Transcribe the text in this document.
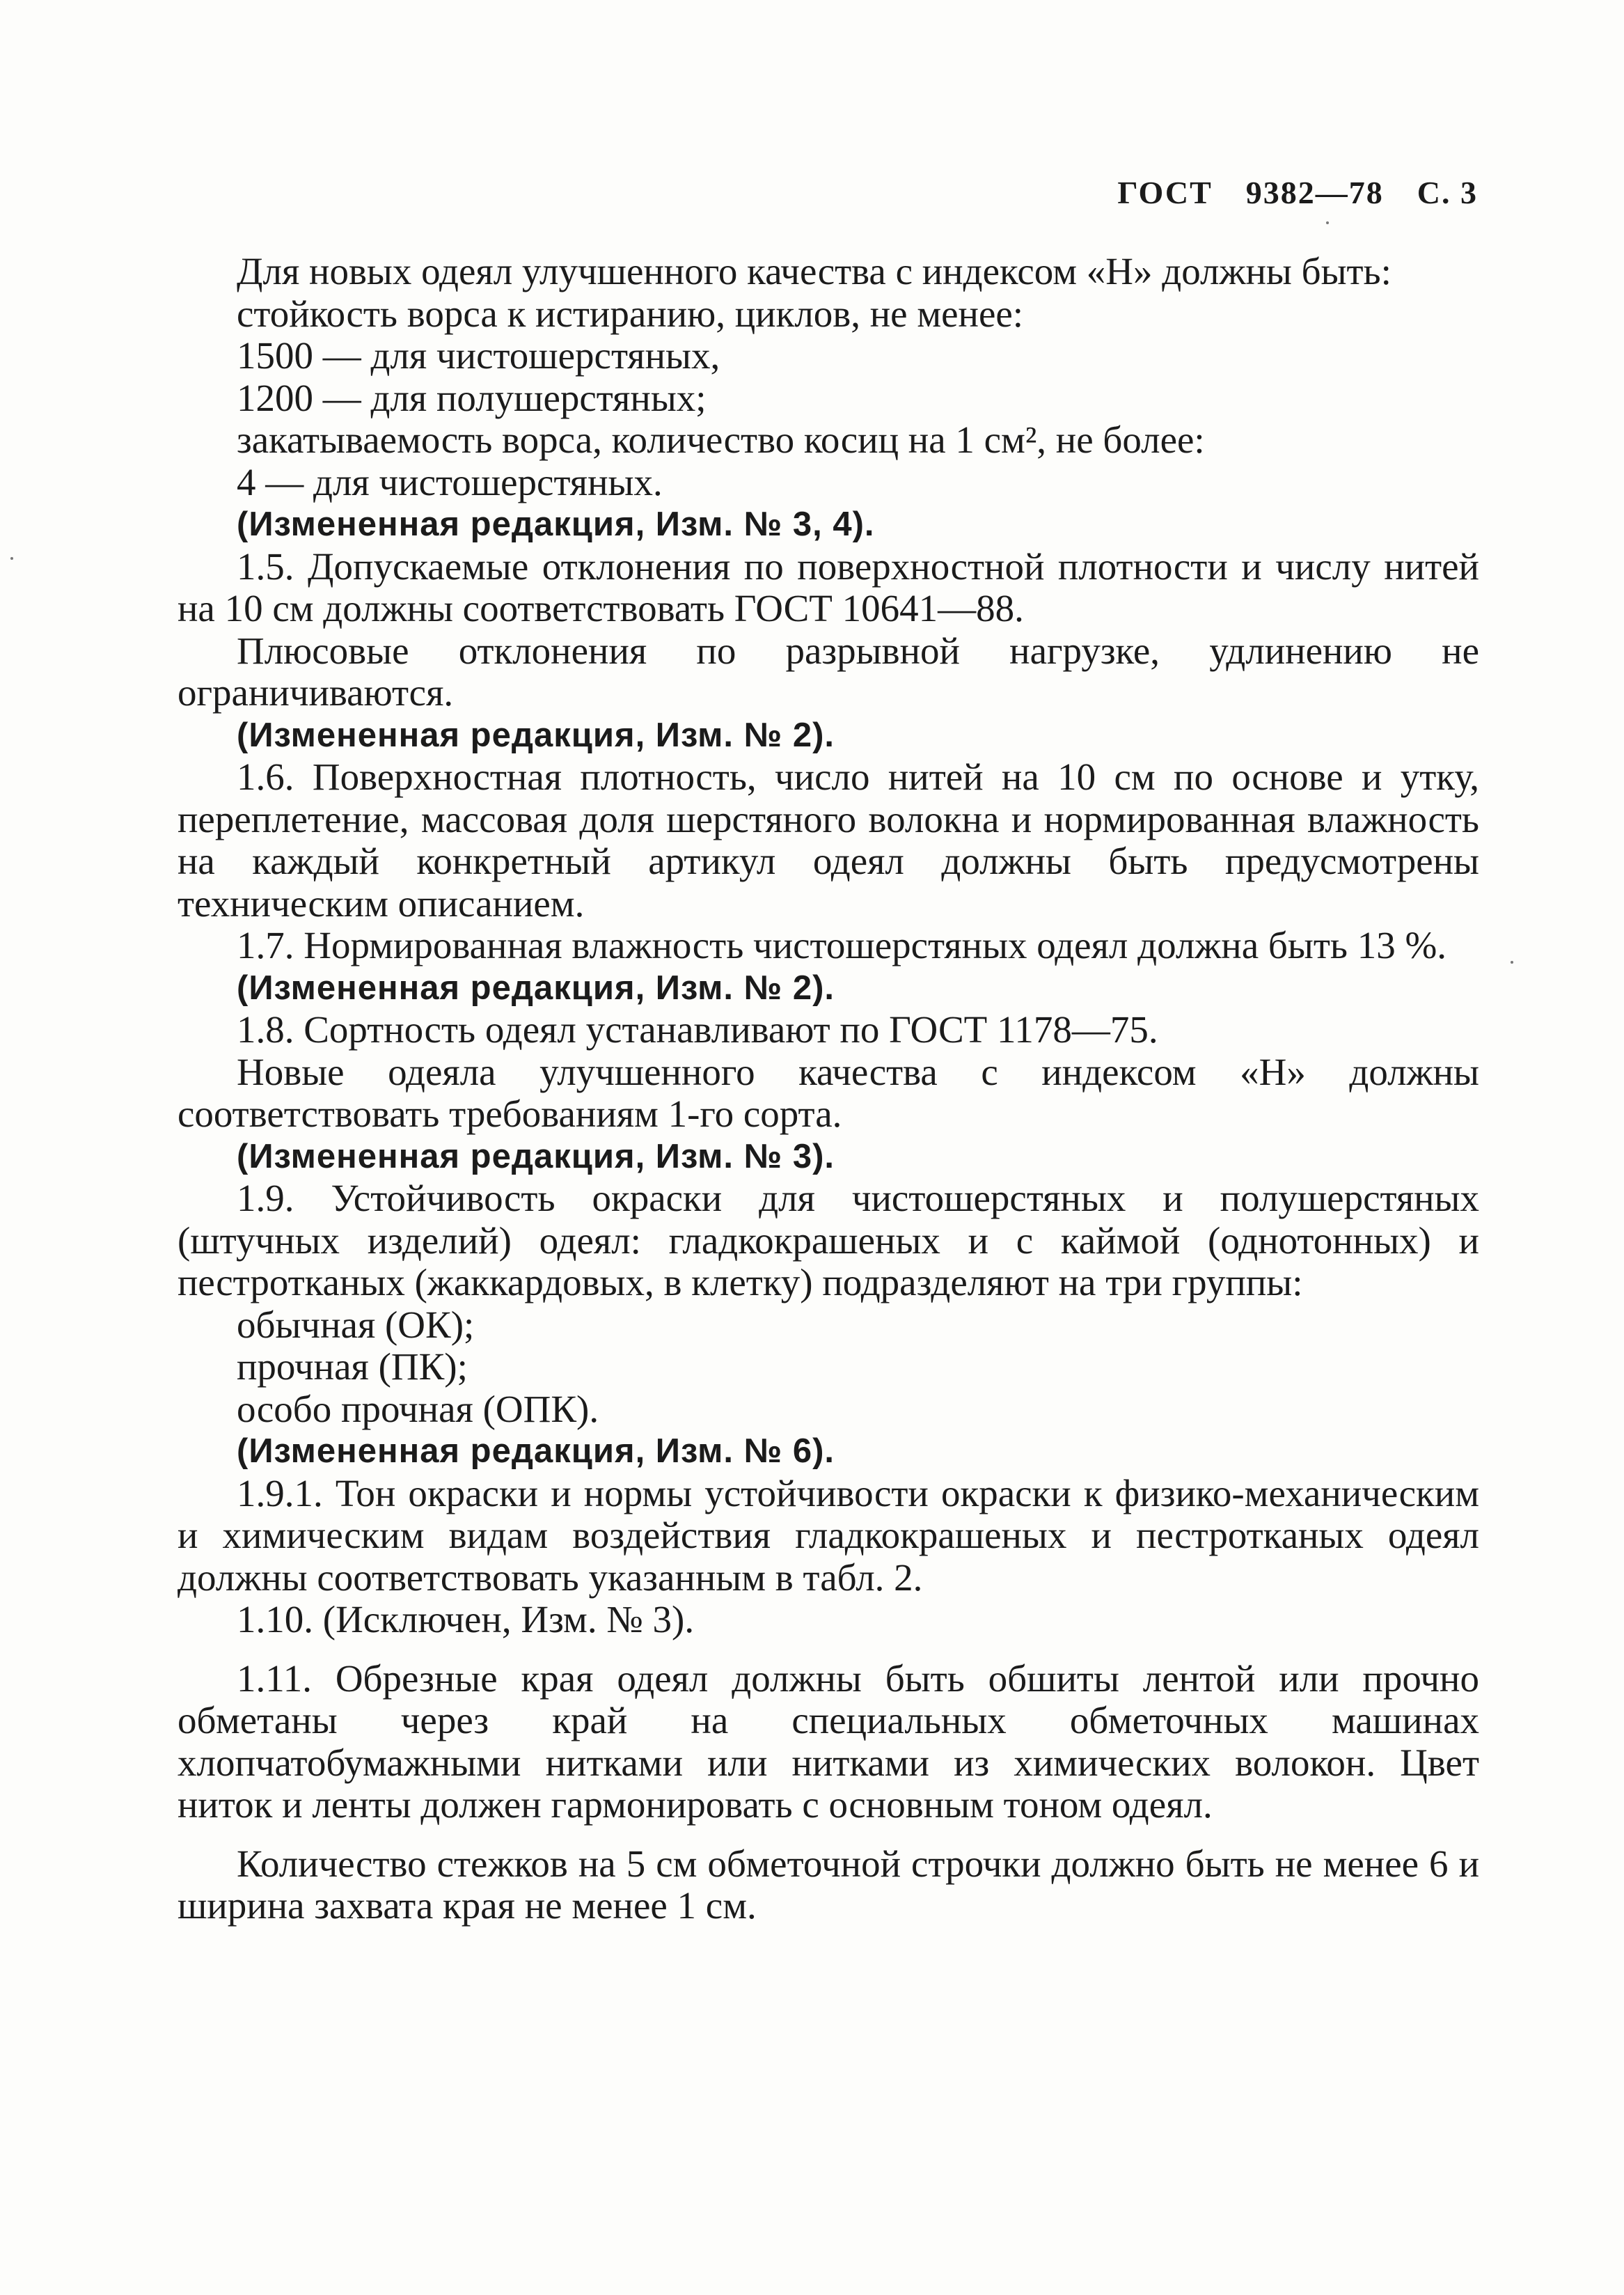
ГОСТ 9382—78 С. 3

Для новых одеял улучшенного качества с индексом «Н» должны быть:

стойкость ворса к истиранию, циклов, не менее:

1500 — для чистошерстяных,

1200 — для полушерстяных;

закатываемость ворса, количество косиц на 1 см², не более:

4 — для чистошерстяных.

(Измененная редакция, Изм. № 3, 4).

1.5. Допускаемые отклонения по поверхностной плотности и числу нитей на 10 см должны соответствовать ГОСТ 10641—88.

Плюсовые отклонения по разрывной нагрузке, удлинению не ограничиваются.

(Измененная редакция, Изм. № 2).

1.6. Поверхностная плотность, число нитей на 10 см по основе и утку, переплетение, массовая доля шерстяного волокна и нормированная влажность на каждый конкретный артикул одеял должны быть предусмотрены техническим описанием.

1.7. Нормированная влажность чистошерстяных одеял должна быть 13 %.

(Измененная редакция, Изм. № 2).

1.8. Сортность одеял устанавливают по ГОСТ 1178—75.

Новые одеяла улучшенного качества с индексом «Н» должны соответствовать требованиям 1-го сорта.

(Измененная редакция, Изм. № 3).

1.9. Устойчивость окраски для чистошерстяных и полушерстяных (штучных изделий) одеял: гладкокрашеных и с каймой (однотонных) и пестротканых (жаккардовых, в клетку) подразделяют на три группы:

обычная (ОК);

прочная (ПК);

особо прочная (ОПК).

(Измененная редакция, Изм. № 6).

1.9.1. Тон окраски и нормы устойчивости окраски к физико-механическим и химическим видам воздействия гладкокрашеных и пестротканых одеял должны соответствовать указанным в табл. 2.

1.10. (Исключен, Изм. № 3).

1.11. Обрезные края одеял должны быть обшиты лентой или прочно обметаны через край на специальных обметочных машинах хлопчатобумажными нитками или нитками из химических волокон. Цвет ниток и ленты должен гармонировать с основным тоном одеял.

Количество стежков на 5 см обметочной строчки должно быть не менее 6 и ширина захвата края не менее 1 см.
